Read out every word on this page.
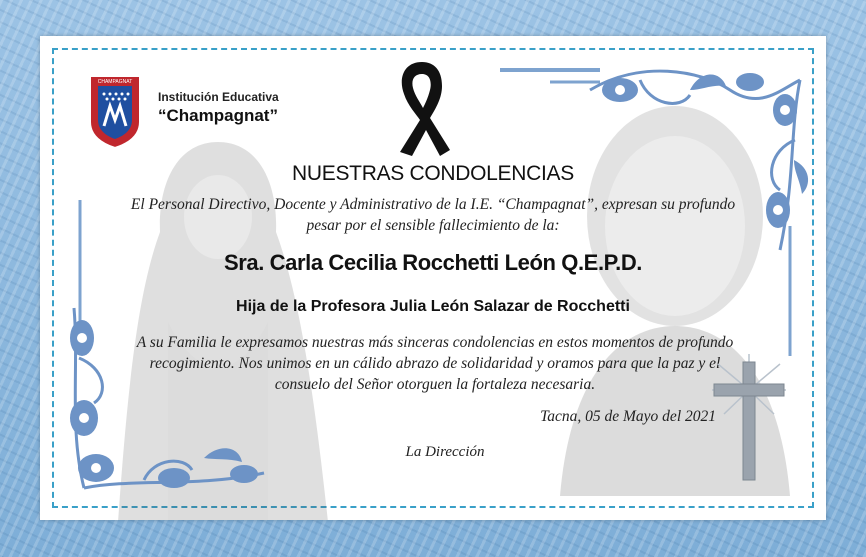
CHAMPAGNAT
Institución Educativa
“Champagnat”
NUESTRAS CONDOLENCIAS
El Personal Directivo, Docente y Administrativo de la I.E. “Champagnat”, expresan su profundo pesar por el sensible fallecimiento de la:
Sra. Carla Cecilia Rocchetti León Q.E.P.D.
Hija de la Profesora Julia León Salazar de Rocchetti
A su Familia le expresamos nuestras más sinceras condolencias en estos momentos de profundo recogimiento. Nos unimos en un cálido abrazo de solidaridad y oramos para que la paz y el consuelo del Señor otorguen la fortaleza necesaria.
Tacna, 05 de Mayo del 2021
La Dirección
